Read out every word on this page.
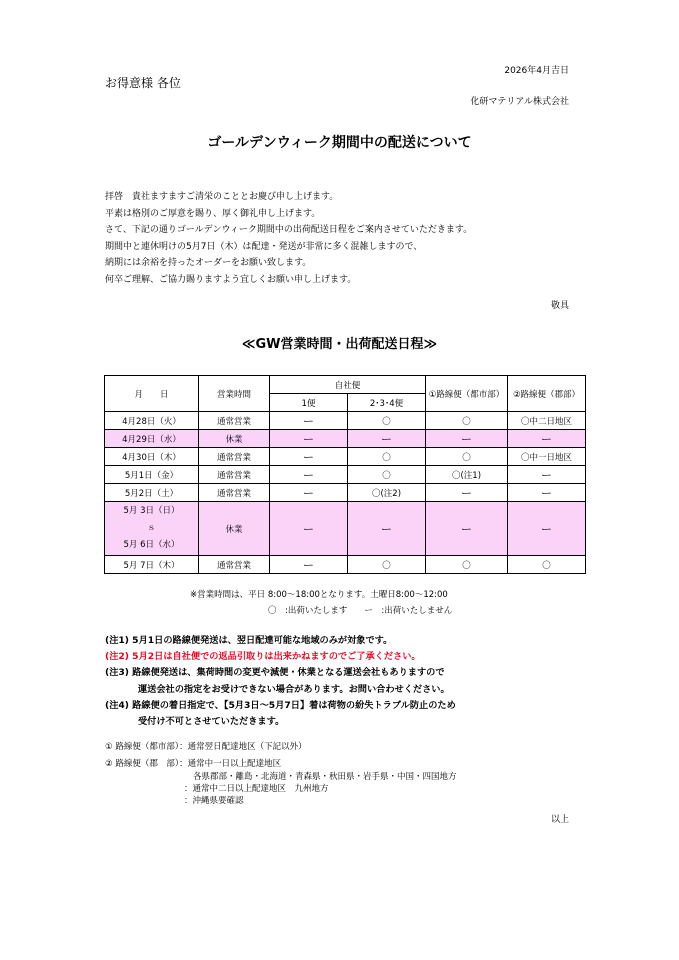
2026年4月吉日
お得意様 各位
化研マテリアル株式会社
ゴールデンウィーク期間中の配送について
拝啓　貴社ますますご清栄のこととお慶び申し上げます。
平素は格別のご厚意を賜り、厚く御礼申し上げます。
さて、下記の通りゴールデンウィーク期間中の出荷配送日程をご案内させていただきます。
期間中と連休明けの5月7日（木）は配達・発送が非常に多く混雑しますので、
納期には余裕を持ったオーダーをお願い致します。
何卒ご理解、ご協力賜りますよう宜しくお願い申し上げます。
敬具
≪GW営業時間・出荷配送日程≫
月　　日	営業時間	自社便		①路線便（都市部）	②路線便（郡部）
		1便	2･3･4便		
4月28日（火）	通常営業	ー	〇	〇	〇中二日地区
4月29日（水）	休業	ー	ー	ー	ー
4月30日（木）	通常営業	ー	〇	〇	〇中一日地区
5月1日（金）	通常営業	ー	〇	〇(注1)	ー
5月2日（土）	通常営業	ー	〇(注2)	ー	ー

5月 3日（日）
ｓ
5月 6日（水）	休業	ー	ー	ー	ー
5月 7日（木）	通常営業	ー	〇	〇	〇
※営業時間は、平日 8:00～18:00となります。土曜日8:00～12:00
〇　:出荷いたします　　ー　:出荷いたしません
(注1) 5月1日の路線便発送は、翌日配達可能な地域のみが対象です。
(注2) 5月2日は自社便での返品引取りは出来かねますのでご了承ください。
(注3) 路線便発送は、集荷時間の変更や減便・休業となる運送会社もありますので
運送会社の指定をお受けできない場合があります。お問い合わせください。
(注4) 路線便の着日指定で、【5月3日～5月7日】着は荷物の紛失トラブル防止のため
受付け不可とさせていただきます。
① 路線便（都市部）：通常翌日配達地区（下記以外）
② 路線便（郡　部）：通常中一日以上配達地区
各県郡部・離島・北海道・青森県・秋田県・岩手県・中国・四国地方
：通常中二日以上配達地区　九州地方
：沖縄県要確認
以上
